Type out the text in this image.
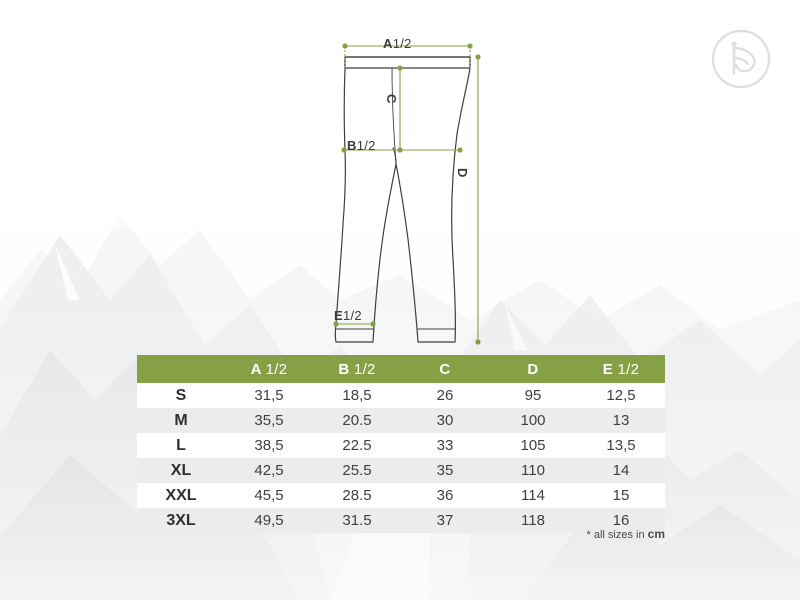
A1/2
B1/2
C
D
E1/2
	A 1/2	B 1/2	C	D	E 1/2
S	31,5	18,5	26	95	12,5
M	35,5	20.5	30	100	13
L	38,5	22.5	33	105	13,5
XL	42,5	25.5	35	110	14
XXL	45,5	28.5	36	114	15
3XL	49,5	31.5	37	118	16
* all sizes in cm
